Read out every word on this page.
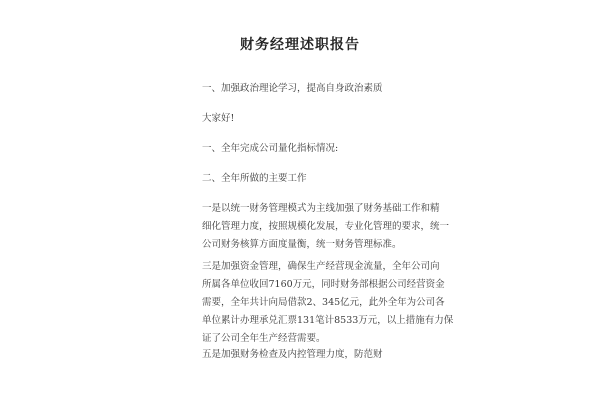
财务经理述职报告
一、加强政治理论学习，提高自身政治素质
大家好!
一、全年完成公司量化指标情况:
二、全年所做的主要工作
一是以统一财务管理模式为主线加强了财务基础工作和精
细化管理力度，按照规模化发展，专业化管理的要求，统一
公司财务核算方面度量衡，统一财务管理标准。
三是加强资金管理，确保生产经营现金流量，全年公司向
所属各单位收回7160万元，同时财务部根据公司经营资金
需要，全年共计向局借款2、345亿元，此外全年为公司各
单位累计办理承兑汇票131笔计8533万元，以上措施有力保
证了公司全年生产经营需要。
五是加强财务检查及内控管理力度，防范财
